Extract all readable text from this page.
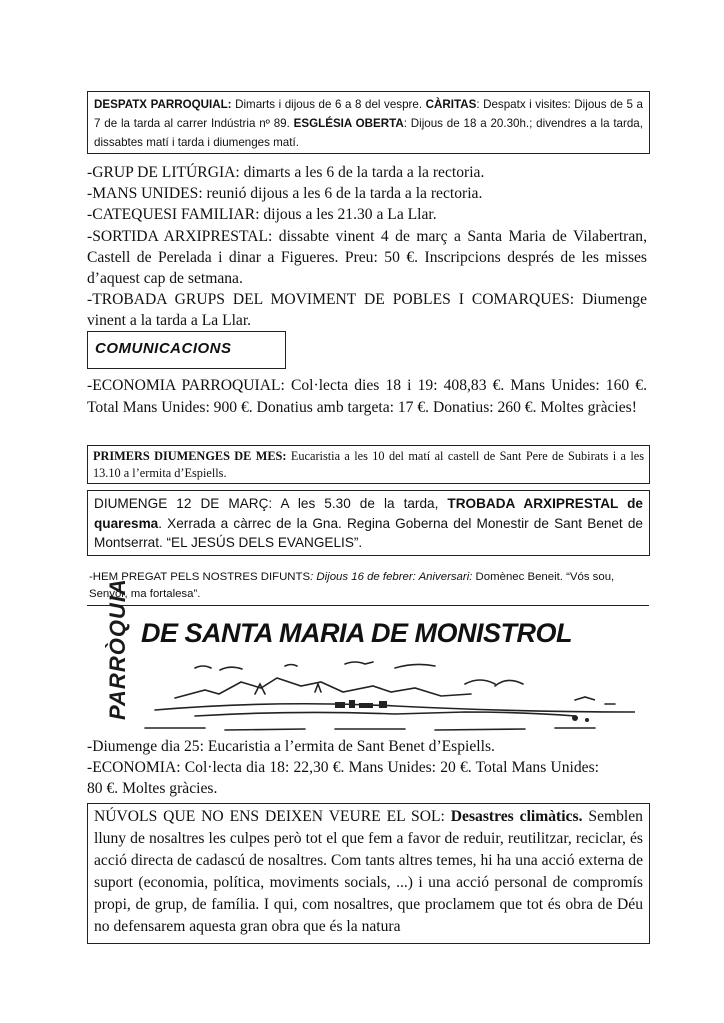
DESPATX PARROQUIAL: Dimarts i dijous de 6 a 8 del vespre. CÀRITAS: Despatx i visites: Dijous de 5 a 7 de la tarda al carrer Indústria nº 89. ESGLÉSIA OBERTA: Dijous de 18 a 20.30h.; divendres a la tarda, dissabtes matí i tarda i diumenges matí.
-GRUP DE LITÚRGIA: dimarts a les 6 de la tarda a la rectoria.
-MANS UNIDES: reunió dijous a les 6 de la tarda a la rectoria.
-CATEQUESI FAMILIAR: dijous a les 21.30 a La Llar.
-SORTIDA ARXIPRESTAL: dissabte vinent 4 de març a Santa Maria de Vilabertran, Castell de Perelada i dinar a Figueres. Preu: 50 €. Inscripcions després de les misses d’aquest cap de setmana.
-TROBADA GRUPS DEL MOVIMENT DE POBLES I COMARQUES: Diumenge vinent a la tarda a La Llar.
COMUNICACIONS
-ECONOMIA PARROQUIAL: Col·lecta dies 18 i 19: 408,83 €. Mans Unides: 160 €. Total Mans Unides: 900 €. Donatius amb targeta: 17 €. Donatius: 260 €. Moltes gràcies!
PRIMERS DIUMENGES DE MES: Eucaristia a les 10 del matí al castell de Sant Pere de Subirats i a les 13.10 a l’ermita d’Espiells.
DIUMENGE 12 DE MARÇ: A les 5.30 de la tarda, TROBADA ARXIPRESTAL de quaresma. Xerrada a càrrec de la Gna. Regina Goberna del Monestir de Sant Benet de Montserrat. “EL JESÚS DELS EVANGELIS”.
-HEM PREGAT PELS NOSTRES DIFUNTS: Dijous 16 de febrer: Aniversari: Domènec Beneit. “Vós sou, Senyor, ma fortalesa”.
PARRÒQUIA DE SANTA MARIA DE MONISTROL
-Diumenge dia 25: Eucaristia a l’ermita de Sant Benet d’Espiells.
-ECONOMIA: Col·lecta dia 18: 22,30 €. Mans Unides: 20 €. Total Mans Unides: 80 €. Moltes gràcies.
NÚVOLS QUE NO ENS DEIXEN VEURE EL SOL: Desastres climàtics. Semblen lluny de nosaltres les culpes però tot el que fem a favor de reduir, reutilitzar, reciclar, és acció directa de cadascú de nosaltres. Com tants altres temes, hi ha una acció externa de suport (economia, política, moviments socials, ...) i una acció personal de compromís propi, de grup, de família. I qui, com nosaltres, que proclamem que tot és obra de Déu no defensarem aquesta gran obra que és la natura
